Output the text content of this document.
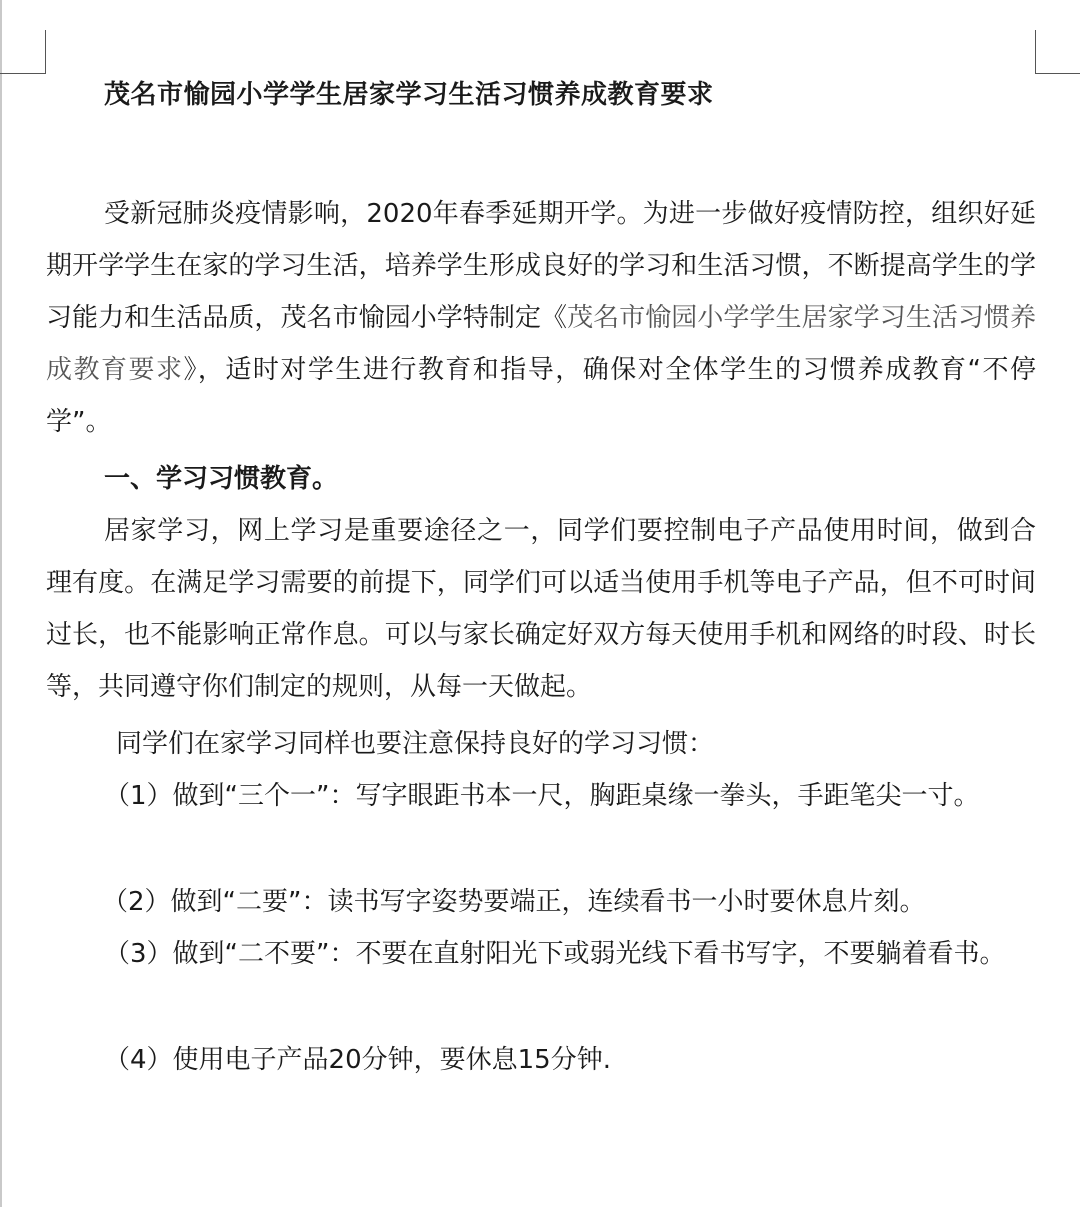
茂名市愉园小学学生居家学习生活习惯养成教育要求

受新冠肺炎疫情影响，2020年春季延期开学。为进一步做好疫情防控，组织好延期开学学生在家的学习生活，培养学生形成良好的学习和生活习惯，不断提高学生的学习能力和生活品质，茂名市愉园小学特制定《茂名市愉园小学学生居家学习生活习惯养成教育要求》，适时对学生进行教育和指导，确保对全体学生的习惯养成教育“不停学”。

一、学习习惯教育。

居家学习，网上学习是重要途径之一，同学们要控制电子产品使用时间，做到合理有度。在满足学习需要的前提下，同学们可以适当使用手机等电子产品，但不可时间过长，也不能影响正常作息。可以与家长确定好双方每天使用手机和网络的时段、时长等，共同遵守你们制定的规则，从每一天做起。

同学们在家学习同样也要注意保持良好的学习习惯：

（1）做到“三个一”：写字眼距书本一尺，胸距桌缘一拳头，手距笔尖一寸。

（2）做到“二要”：读书写字姿势要端正，连续看书一小时要休息片刻。

（3）做到“二不要”：不要在直射阳光下或弱光线下看书写字，不要躺着看书。

（4）使用电子产品20分钟，要休息15分钟.
